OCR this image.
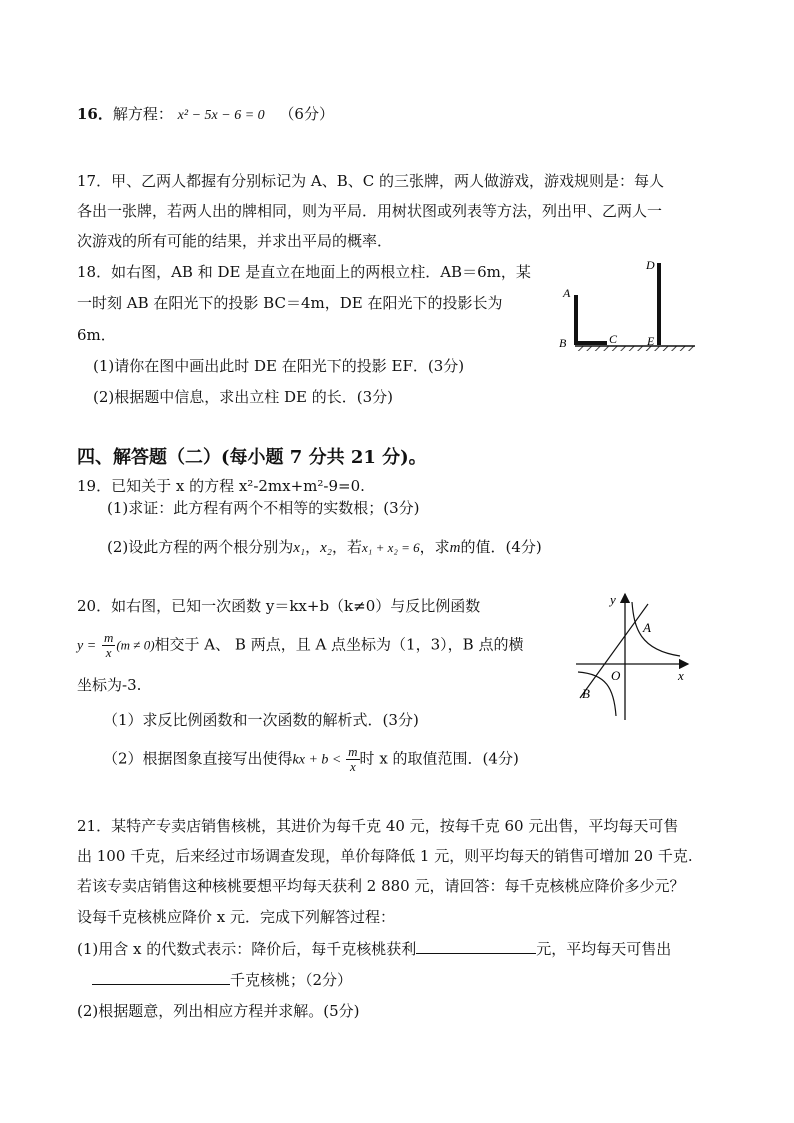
16．解方程： x² − 5x − 6 = 0 （6分）
17．甲、乙两人都握有分别标记为 A、B、C 的三张牌，两人做游戏，游戏规则是：每人
各出一张牌，若两人出的牌相同，则为平局．用树状图或列表等方法，列出甲、乙两人一
次游戏的所有可能的结果，并求出平局的概率．
18．如右图，AB 和 DE 是直立在地面上的两根立柱．AB＝6m，某
一时刻 AB 在阳光下的投影 BC＝4m，DE 在阳光下的投影长为
6m．
(1)请你在图中画出此时 DE 在阳光下的投影 EF．(3分)
(2)根据题中信息，求出立柱 DE 的长．(3分)
D
A
B	C E
四、解答题（二）(每小题 7 分共 21 分)。
19．已知关于 x 的方程 x²-2mx+m²-9=0.
(1)求证：此方程有两个不相等的实数根；(3分)
(2)设此方程的两个根分别为x₁，x₂，若x₁ + x₂ = 6，求m的值．(4分)
20．如右图，已知一次函数 y＝kx+b（k≠0）与反比例函数
$y = \frac{m}{x} (m \ne 0)$相交于 A、 B 两点，且 A 点坐标为（1，3），B 点的横
坐标为-3.
（1）求反比例函数和一次函数的解析式．(3分)
（2）根据图象直接写出使得kx + $b < \frac{m}{x}$ 时 x 的取值范围．(4分)
y
x
A
O
B
21．某特产专卖店销售核桃，其进价为每千克 40 元，按每千克 60 元出售，平均每天可售
出 100 千克，后来经过市场调查发现，单价每降低 1 元，则平均每天的销售可增加 20 千克.
若该专卖店销售这种核桃要想平均每天获利 2 880 元，请回答：每千克核桃应降价多少元？
设每千克核桃应降价 x 元．完成下列解答过程：
(1)用含 x 的代数式表示：降价后，每千克核桃获利	元，平均每天可售出
千克核桃；（2分）
(2)根据题意，列出相应方程并求解。(5分)
